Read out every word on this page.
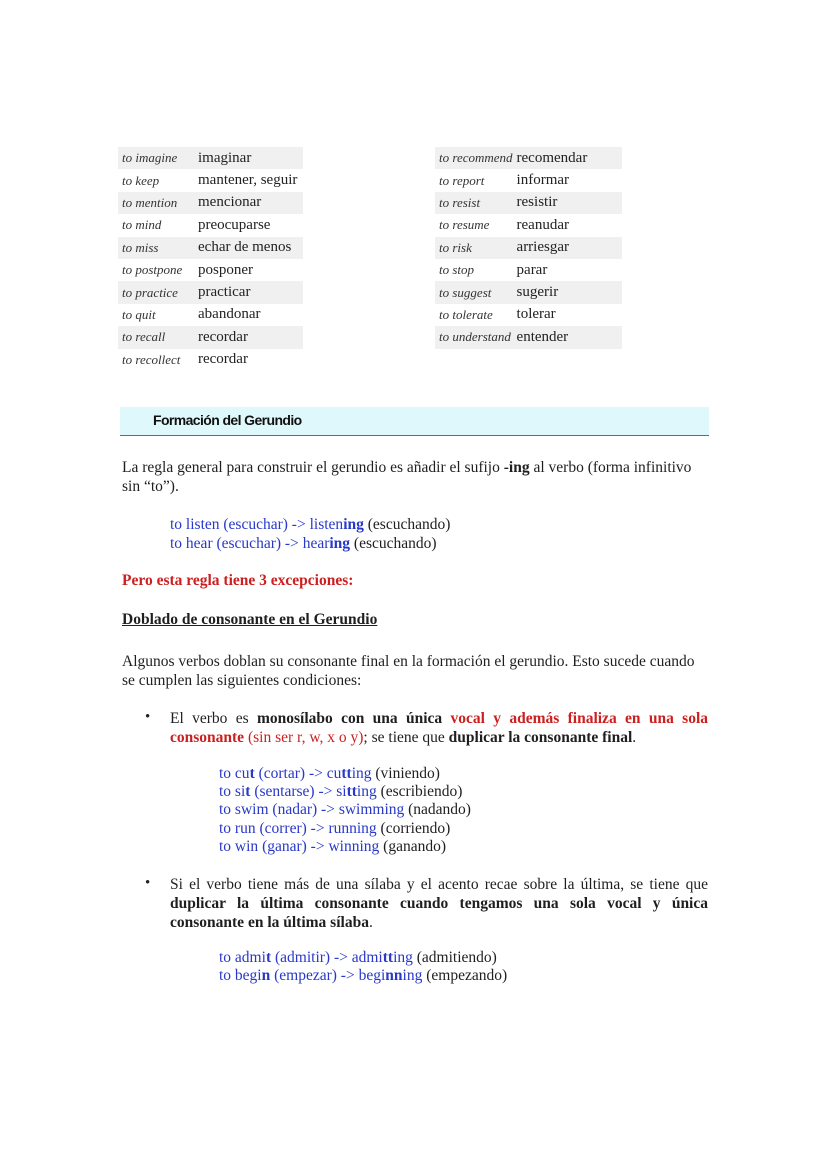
to imagine	imaginar
to keep	mantener, seguir
to mention	mencionar
to mind	preocuparse
to miss	echar de menos
to postpone	posponer
to practice	practicar
to quit	abandonar
to recall	recordar
to recollect	recordar
to recommend	recomendar
to report	informar
to resist	resistir
to resume	reanudar
to risk	arriesgar
to stop	parar
to suggest	sugerir
to tolerate	tolerar
to understand	entender
Formación del Gerundio
La regla general para construir el gerundio es añadir el sufijo -ing al verbo (forma infinitivo sin “to”).
to listen (escuchar) -> listening (escuchando)
to hear (escuchar) -> hearing (escuchando)
Pero esta regla tiene 3 excepciones:
Doblado de consonante en el Gerundio
Algunos verbos doblan su consonante final en la formación el gerundio. Esto sucede cuando se cumplen las siguientes condiciones:
• El verbo es monosílabo con una única vocal y además finaliza en una sola consonante (sin ser r, w, x o y); se tiene que duplicar la consonante final.
to cut (cortar) -> cutting (viniendo)
to sit (sentarse) -> sitting (escribiendo)
to swim (nadar) -> swimming (nadando)
to run (correr) -> running (corriendo)
to win (ganar) -> winning (ganando)
• Si el verbo tiene más de una sílaba y el acento recae sobre la última, se tiene que duplicar la última consonante cuando tengamos una sola vocal y única consonante en la última sílaba.
to admit (admitir) -> admitting (admitiendo)
to begin (empezar) -> beginning (empezando)
